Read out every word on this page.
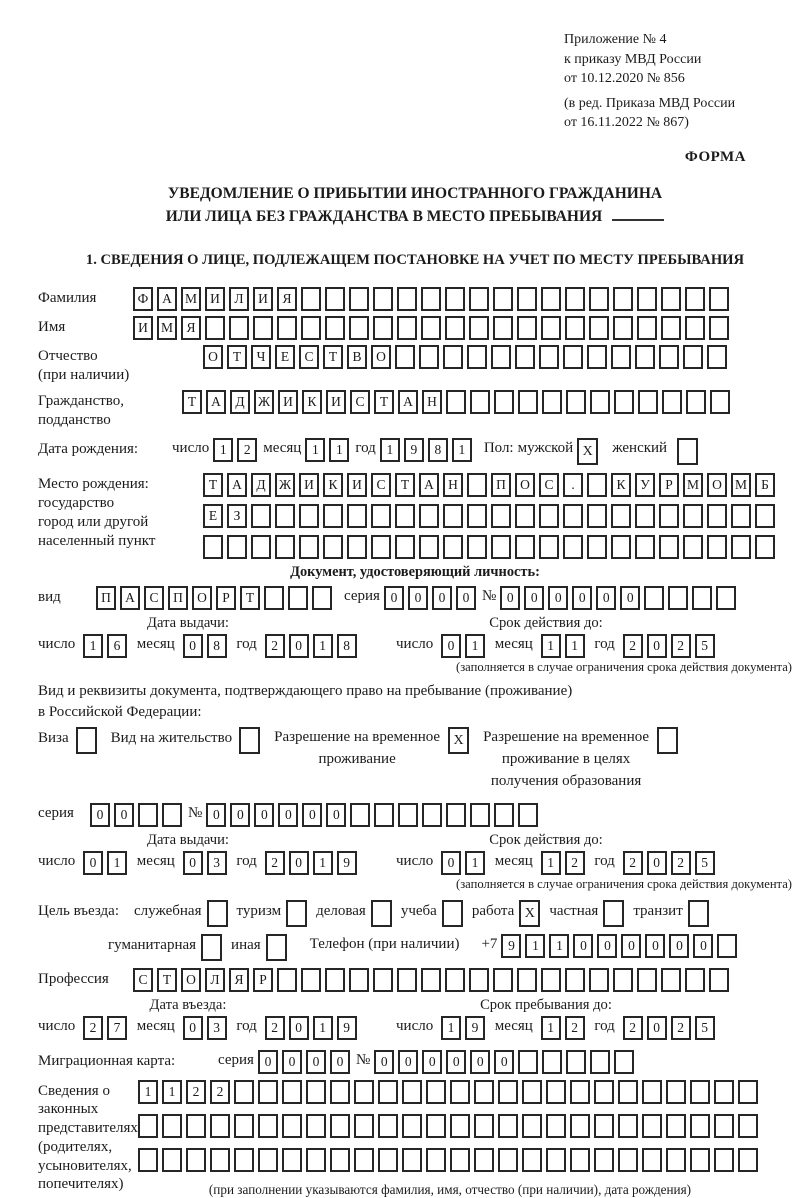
Приложение № 4
к приказу МВД России
от 10.12.2020 № 856
(в ред. Приказа МВД России
от 16.11.2022 № 867)
ФОРМА
УВЕДОМЛЕНИЕ О ПРИБЫТИИ ИНОСТРАННОГО ГРАЖДАНИНА
ИЛИ ЛИЦА БЕЗ ГРАЖДАНСТВА В МЕСТО ПРЕБЫВАНИЯ
1. СВЕДЕНИЯ О ЛИЦЕ, ПОДЛЕЖАЩЕМ ПОСТАНОВКЕ НА УЧЕТ ПО МЕСТУ ПРЕБЫВАНИЯ
Фамилия	Ф А М И Л И Я
Имя	И М Я
Отчество
(при наличии)
О Т Ч Е С Т В О
Гражданство,
подданство
Т А Д Ж И К И С Т А Н
Дата рождения:	число 1 2 месяц 1 1 год 1 9 8 1	Пол: мужской X	женский
Место рождения:
государство
город или другой
населенный пункт
Т А Д Ж И К И С Т А Н	П О С .	К У Р М О М Б
Е З
Документ, удостоверяющий личность:
вид	П А С П О Р Т	серия 0 0 0 0 № 0 0 0 0 0 0
Дата выдачи:
число 1 6 месяц 0 8 год 2 0 1 8
Срок действия до:
число 0 1 месяц 1 1 год 2 0 2 5
(заполняется в случае ограничения срока действия документа)
Вид и реквизиты документа, подтверждающего право на пребывание (проживание)
в Российской Федерации:
Виза	Вид на жительство	Разрешение на временное
проживание
X	Разрешение на временное
проживание в целях
получения образования
серия	0 0	№ 0 0 0 0 0 0
Дата выдачи:
число 0 1 месяц 0 3 год 2 0 1 9
Срок действия до:
число 0 1 месяц 1 2 год 2 0 2 5
(заполняется в случае ограничения срока действия документа)
Цель въезда:	служебная туризм деловая учеба работа X частная транзит
гуманитарная иная	Телефон (при наличии) +7 9 1 1 0 0 0 0 0 0
Профессия	С Т О Л Я Р
Дата въезда:
число 2 7 месяц 0 3 год 2 0 1 9
Срок пребывания до:
число 1 9 месяц 1 2 год 2 0 2 5
Миграционная карта:	серия 0 0 0 0 № 0 0 0 0 0 0
Сведения о
законных
представителях
(родителях,
усыновителях,
попечителях)
1 1 2 2
(при заполнении указываются фамилия, имя, отчество (при наличии), дата рождения)
